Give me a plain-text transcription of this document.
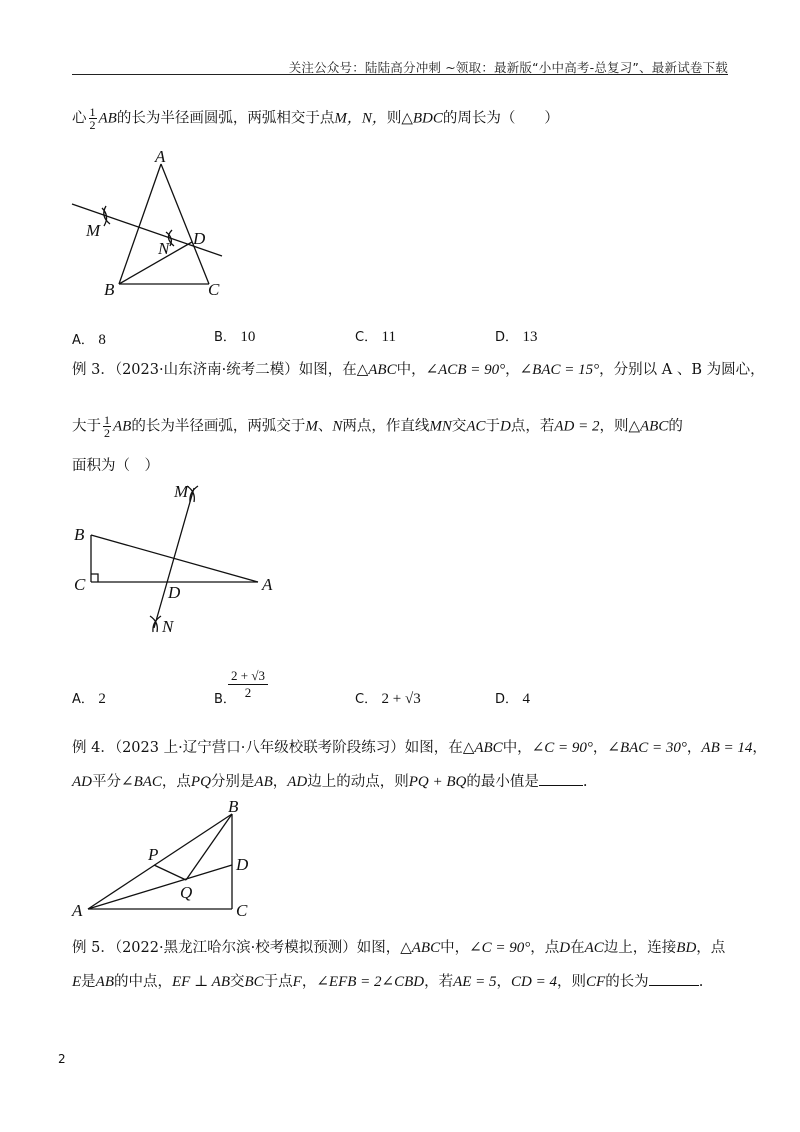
关注公众号：陆陆高分冲刺 ~领取：最新版“小中高考-总复习”、最新试卷下载
心 $\frac{1}{2}$ AB的长为半径画圆弧，两弧相交于点M，N，则△BDC的周长为（　　）
A
B	C
D
M
N
A． 8	B． 10	C． 11	D． 13
例 3．（2023·山东济南·统考二模）如图，在△ABC中，∠ACB = 90°，∠BAC = 15°，分别以 A 、B 为圆心，
大于 $\frac{1}{2}$ AB的长为半径画弧，两弧交于M、N两点，作直线MN交AC于D点，若AD = 2，则△ABC的
面积为（　）
M
B
C	D	A
N
A． 2	B．
2 + √3
2	C． 2 + √3	D． 4
例 4．（2023 上·辽宁营口·八年级校联考阶段练习）如图，在△ABC中，∠C = 90°，∠BAC = 30°，AB = 14，
AD平分∠BAC，点PQ分别是AB，AD边上的动点，则PQ + BQ的最小值是	.
B
P
D
Q
A	C
例 5．（2022·黑龙江哈尔滨·校考模拟预测）如图，△ABC中，∠C = 90°，点D在AC边上，连接BD，点
E是AB的中点，EF ⊥ AB交BC于点F，∠EFB = 2∠CBD，若AE = 5，CD = 4，则CF的长为	.
2
